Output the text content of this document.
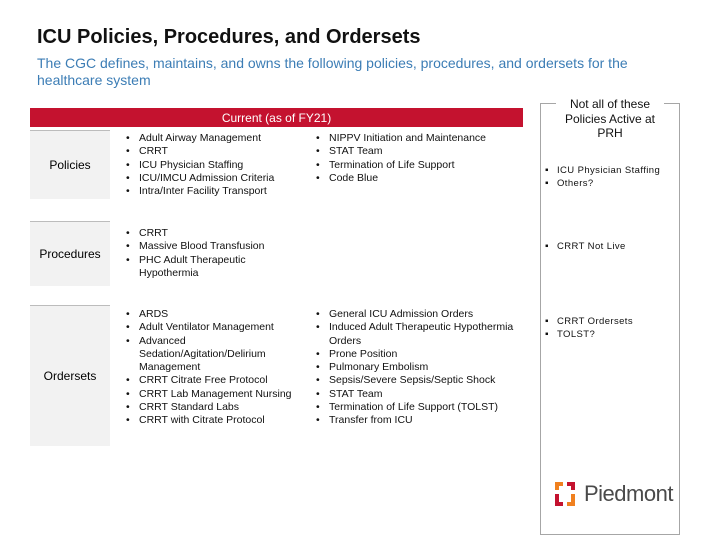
ICU Policies, Procedures, and Ordersets
The CGC defines, maintains, and owns the following policies, procedures, and ordersets for the healthcare system
Current (as of FY21)
Not all of these Policies Active at PRH
Policies
• Adult Airway Management
• CRRT
• ICU Physician Staffing
• ICU/IMCU Admission Criteria
• Intra/Inter Facility Transport
• NIPPV Initiation and Maintenance
• STAT Team
• Termination of Life Support
• Code Blue
▪ ICU Physician Staffing
▪ Others?
Procedures
• CRRT
• Massive Blood Transfusion
• PHC Adult Therapeutic Hypothermia
▪ CRRT Not Live
Ordersets
• ARDS
• Adult Ventilator Management
• Advanced Sedation/Agitation/Delirium Management
• CRRT Citrate Free Protocol
• CRRT Lab Management Nursing
• CRRT Standard Labs
• CRRT with Citrate Protocol
• General ICU Admission Orders
• Induced Adult Therapeutic Hypothermia Orders
• Prone Position
• Pulmonary Embolism
• Sepsis/Severe Sepsis/Septic Shock
• STAT Team
• Termination of Life Support (TOLST)
• Transfer from ICU
▪ CRRT Ordersets
▪ TOLST?
Piedmont
